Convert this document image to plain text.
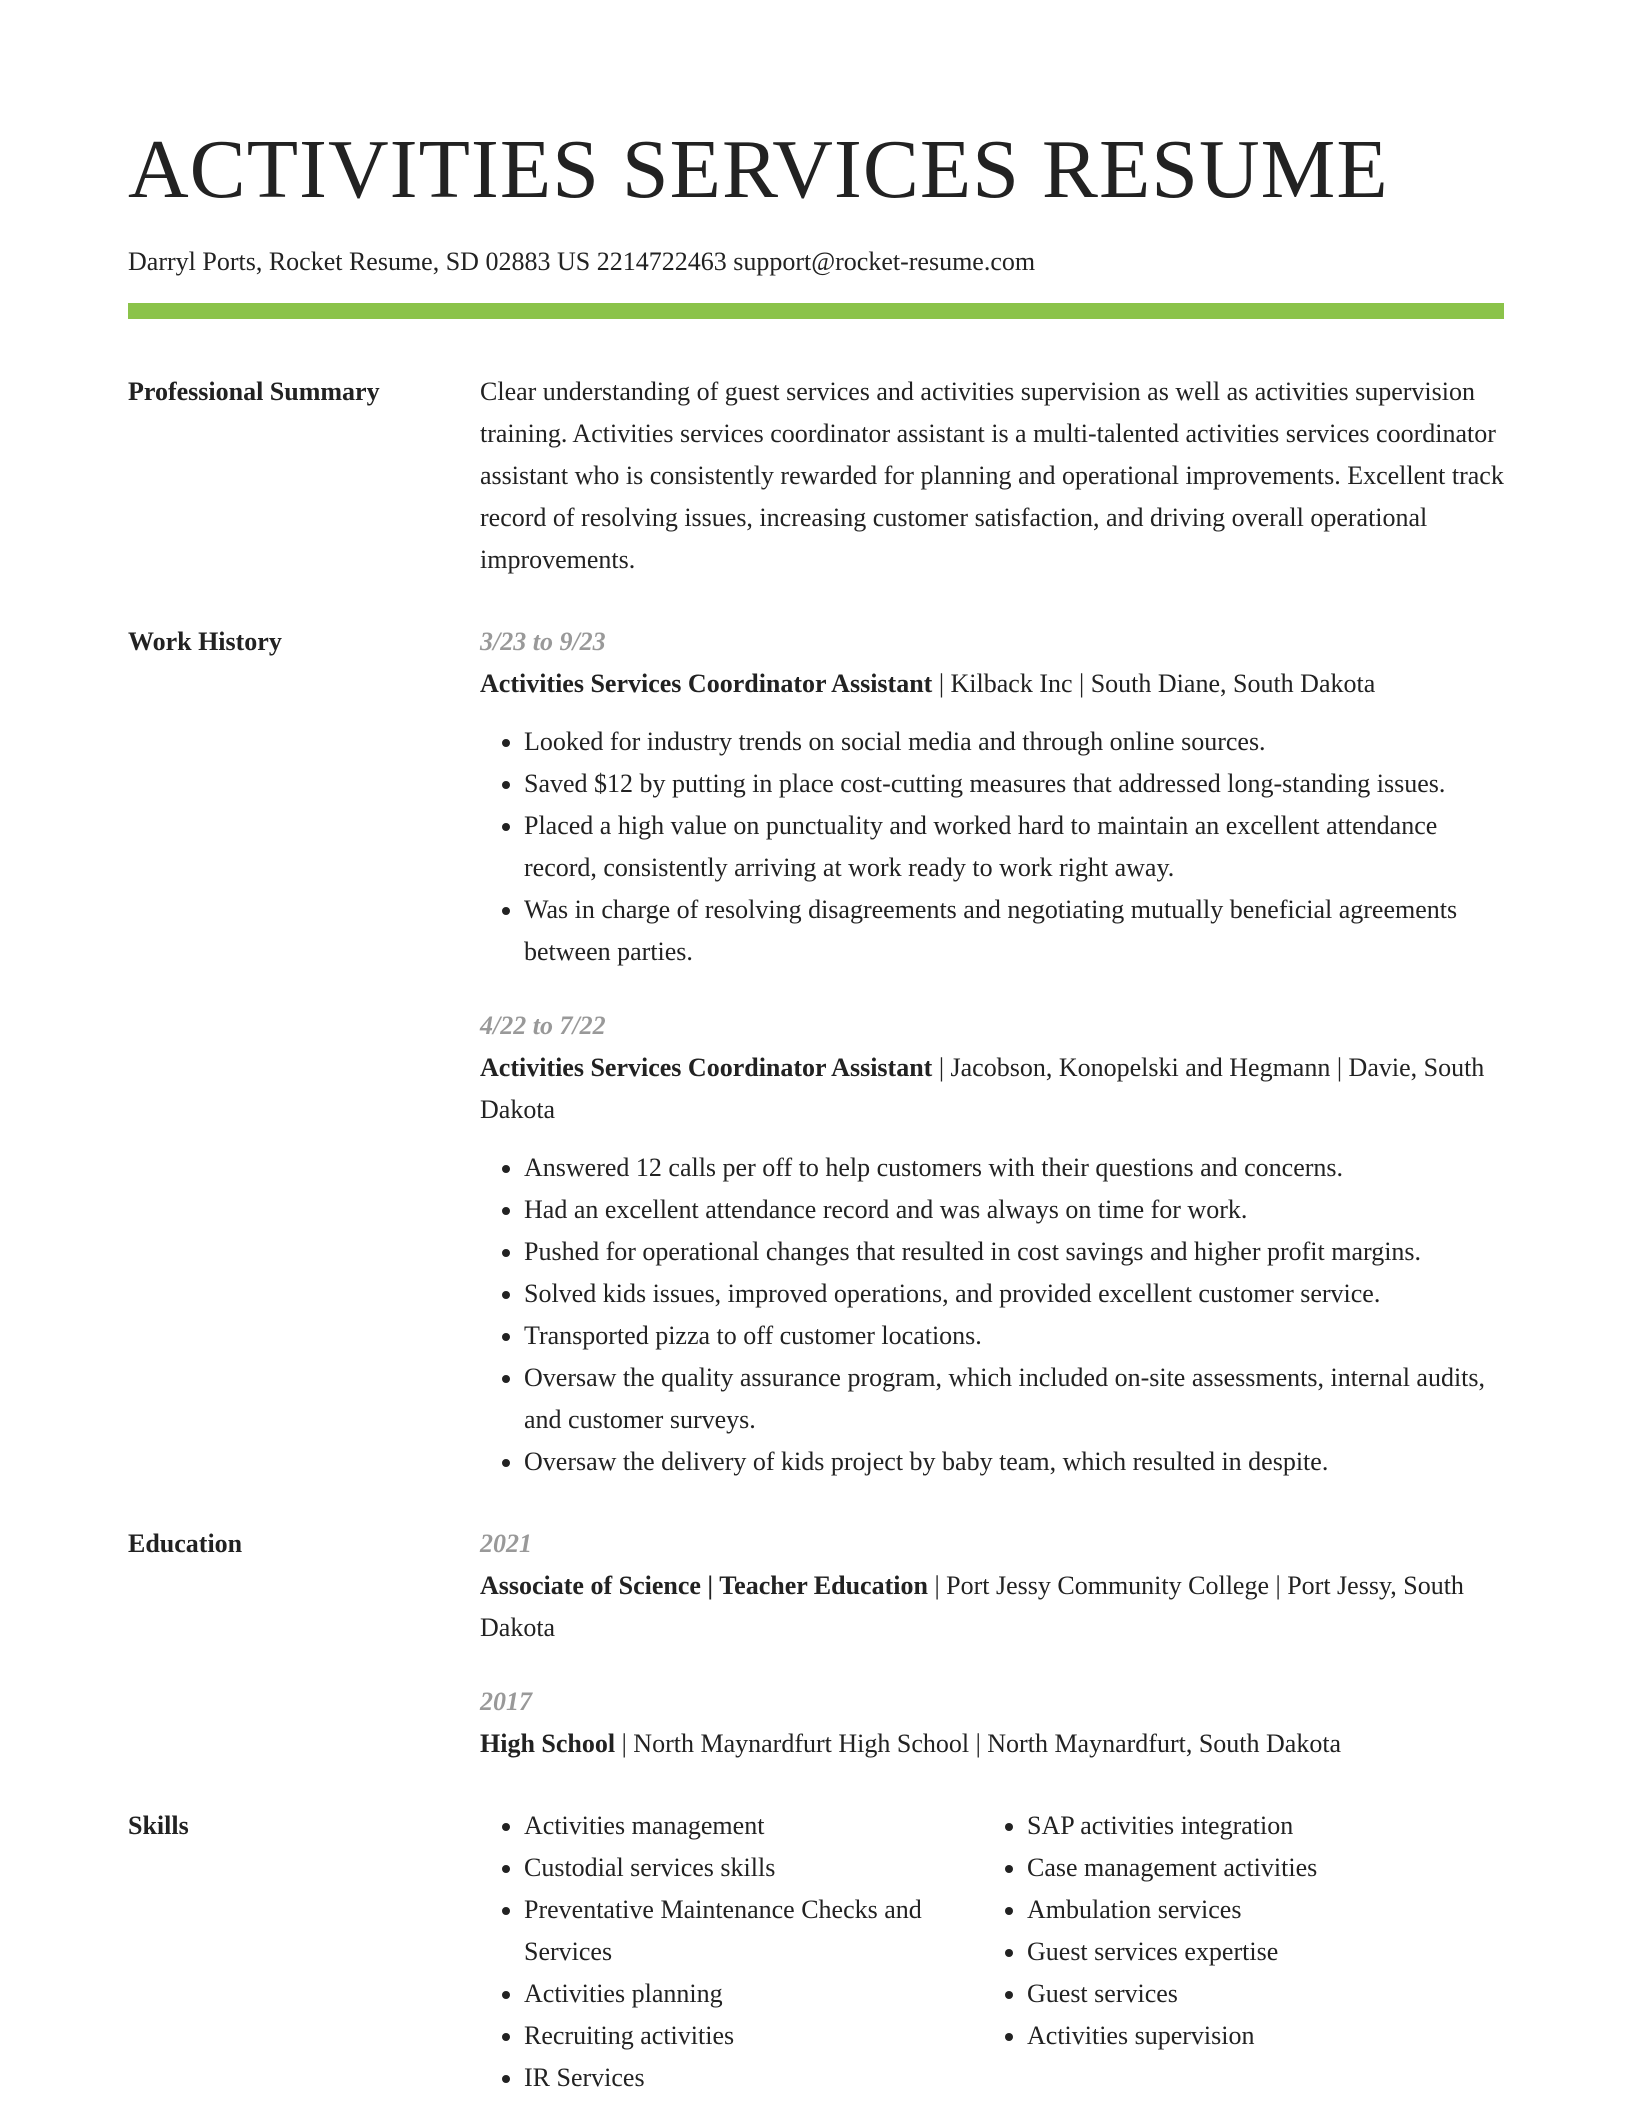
ACTIVITIES SERVICES RESUME
Darryl Ports, Rocket Resume, SD 02883 US 2214722463 support@rocket-resume.com
Professional Summary	Clear understanding of guest services and activities supervision as well as activities supervision training. Activities services coordinator assistant is a multi-talented activities services coordinator assistant who is consistently rewarded for planning and operational improvements. Excellent track record of resolving issues, increasing customer satisfaction, and driving overall operational improvements.

Work History	3/23 to 9/23
Activities Services Coordinator Assistant | Kilback Inc | South Diane, South Dakota
• Looked for industry trends on social media and through online sources.
• Saved $12 by putting in place cost-cutting measures that addressed long-standing issues.
• Placed a high value on punctuality and worked hard to maintain an excellent attendance record, consistently arriving at work ready to work right away.
• Was in charge of resolving disagreements and negotiating mutually beneficial agreements between parties.
4/22 to 7/22
Activities Services Coordinator Assistant | Jacobson, Konopelski and Hegmann | Davie, South Dakota
• Answered 12 calls per off to help customers with their questions and concerns.
• Had an excellent attendance record and was always on time for work.
• Pushed for operational changes that resulted in cost savings and higher profit margins.
• Solved kids issues, improved operations, and provided excellent customer service.
• Transported pizza to off customer locations.
• Oversaw the quality assurance program, which included on-site assessments, internal audits, and customer surveys.
• Oversaw the delivery of kids project by baby team, which resulted in despite.
Education	2021
Associate of Science | Teacher Education | Port Jessy Community College | Port Jessy, South Dakota
2017
High School | North Maynardfurt High School | North Maynardfurt, South Dakota
Skills
•	Activities management
• Custodial services skills
• Preventative Maintenance Checks and Services
• Activities planning
• Recruiting activities
• IR Services
• SAP activities integration
• Case management activities
• Ambulation services
• Guest services expertise
• Guest services
• Activities supervision
